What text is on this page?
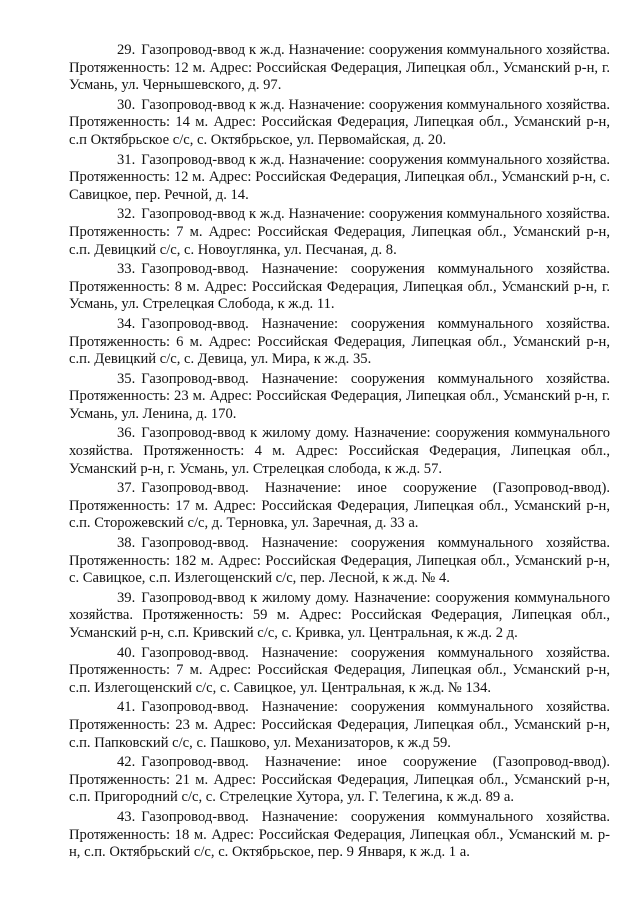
29. Газопровод-ввод к ж.д. Назначение: сооружения коммунального хозяйства. Протяженность: 12 м. Адрес: Российская Федерация, Липецкая обл., Усманский р-н, г. Усмань, ул. Чернышевского, д. 97.

30. Газопровод-ввод к ж.д. Назначение: сооружения коммунального хозяйства. Протяженность: 14 м. Адрес: Российская Федерация, Липецкая обл., Усманский р-н, с.п Октябрьское с/с, с. Октябрьское, ул. Первомайская, д. 20.

31. Газопровод-ввод к ж.д. Назначение: сооружения коммунального хозяйства. Протяженность: 12 м. Адрес: Российская Федерация, Липецкая обл., Усманский р-н, с. Савицкое, пер. Речной, д. 14.

32. Газопровод-ввод к ж.д. Назначение: сооружения коммунального хозяйства. Протяженность: 7 м. Адрес: Российская Федерация, Липецкая обл., Усманский р-н, с.п. Девицкий с/с, с. Новоуглянка, ул. Песчаная, д. 8.

33. Газопровод-ввод. Назначение: сооружения коммунального хозяйства. Протяженность: 8 м. Адрес: Российская Федерация, Липецкая обл., Усманский р-н, г. Усмань, ул. Стрелецкая Слобода, к ж.д. 11.

34. Газопровод-ввод. Назначение: сооружения коммунального хозяйства. Протяженность: 6 м. Адрес: Российская Федерация, Липецкая обл., Усманский р-н, с.п. Девицкий с/с, с. Девица, ул. Мира, к ж.д. 35.

35. Газопровод-ввод. Назначение: сооружения коммунального хозяйства. Протяженность: 23 м. Адрес: Российская Федерация, Липецкая обл., Усманский р-н, г. Усмань, ул. Ленина, д. 170.

36. Газопровод-ввод к жилому дому. Назначение: сооружения коммунального хозяйства. Протяженность: 4 м. Адрес: Российская Федерация, Липецкая обл., Усманский р-н, г. Усмань, ул. Стрелецкая слобода, к ж.д. 57.

37. Газопровод-ввод. Назначение: иное сооружение (Газопровод-ввод). Протяженность: 17 м. Адрес: Российская Федерация, Липецкая обл., Усманский р-н, с.п. Сторожевский с/с, д. Терновка, ул. Заречная, д. 33 а.

38. Газопровод-ввод. Назначение: сооружения коммунального хозяйства. Протяженность: 182 м. Адрес: Российская Федерация, Липецкая обл., Усманский р-н, с. Савицкое, с.п. Излегощенский с/с, пер. Лесной, к ж.д. № 4.

39. Газопровод-ввод к жилому дому. Назначение: сооружения коммунального хозяйства. Протяженность: 59 м. Адрес: Российская Федерация, Липецкая обл., Усманский р-н, с.п. Кривский с/с, с. Кривка, ул. Центральная, к ж.д. 2 д.

40. Газопровод-ввод. Назначение: сооружения коммунального хозяйства. Протяженность: 7 м. Адрес: Российская Федерация, Липецкая обл., Усманский р-н, с.п. Излегощенский с/с, с. Савицкое, ул. Центральная, к ж.д. № 134.

41. Газопровод-ввод. Назначение: сооружения коммунального хозяйства. Протяженность: 23 м. Адрес: Российская Федерация, Липецкая обл., Усманский р-н, с.п. Папковский с/с, с. Пашково, ул. Механизаторов, к ж.д 59.

42. Газопровод-ввод. Назначение: иное сооружение (Газопровод-ввод). Протяженность: 21 м. Адрес: Российская Федерация, Липецкая обл., Усманский р-н, с.п. Пригородний с/с, с. Стрелецкие Хутора, ул. Г. Телегина, к ж.д. 89 а.

43. Газопровод-ввод. Назначение: сооружения коммунального хозяйства. Протяженность: 18 м. Адрес: Российская Федерация, Липецкая обл., Усманский м. р-н, с.п. Октябрьский с/с, с. Октябрьское, пер. 9 Января, к ж.д. 1 а.
